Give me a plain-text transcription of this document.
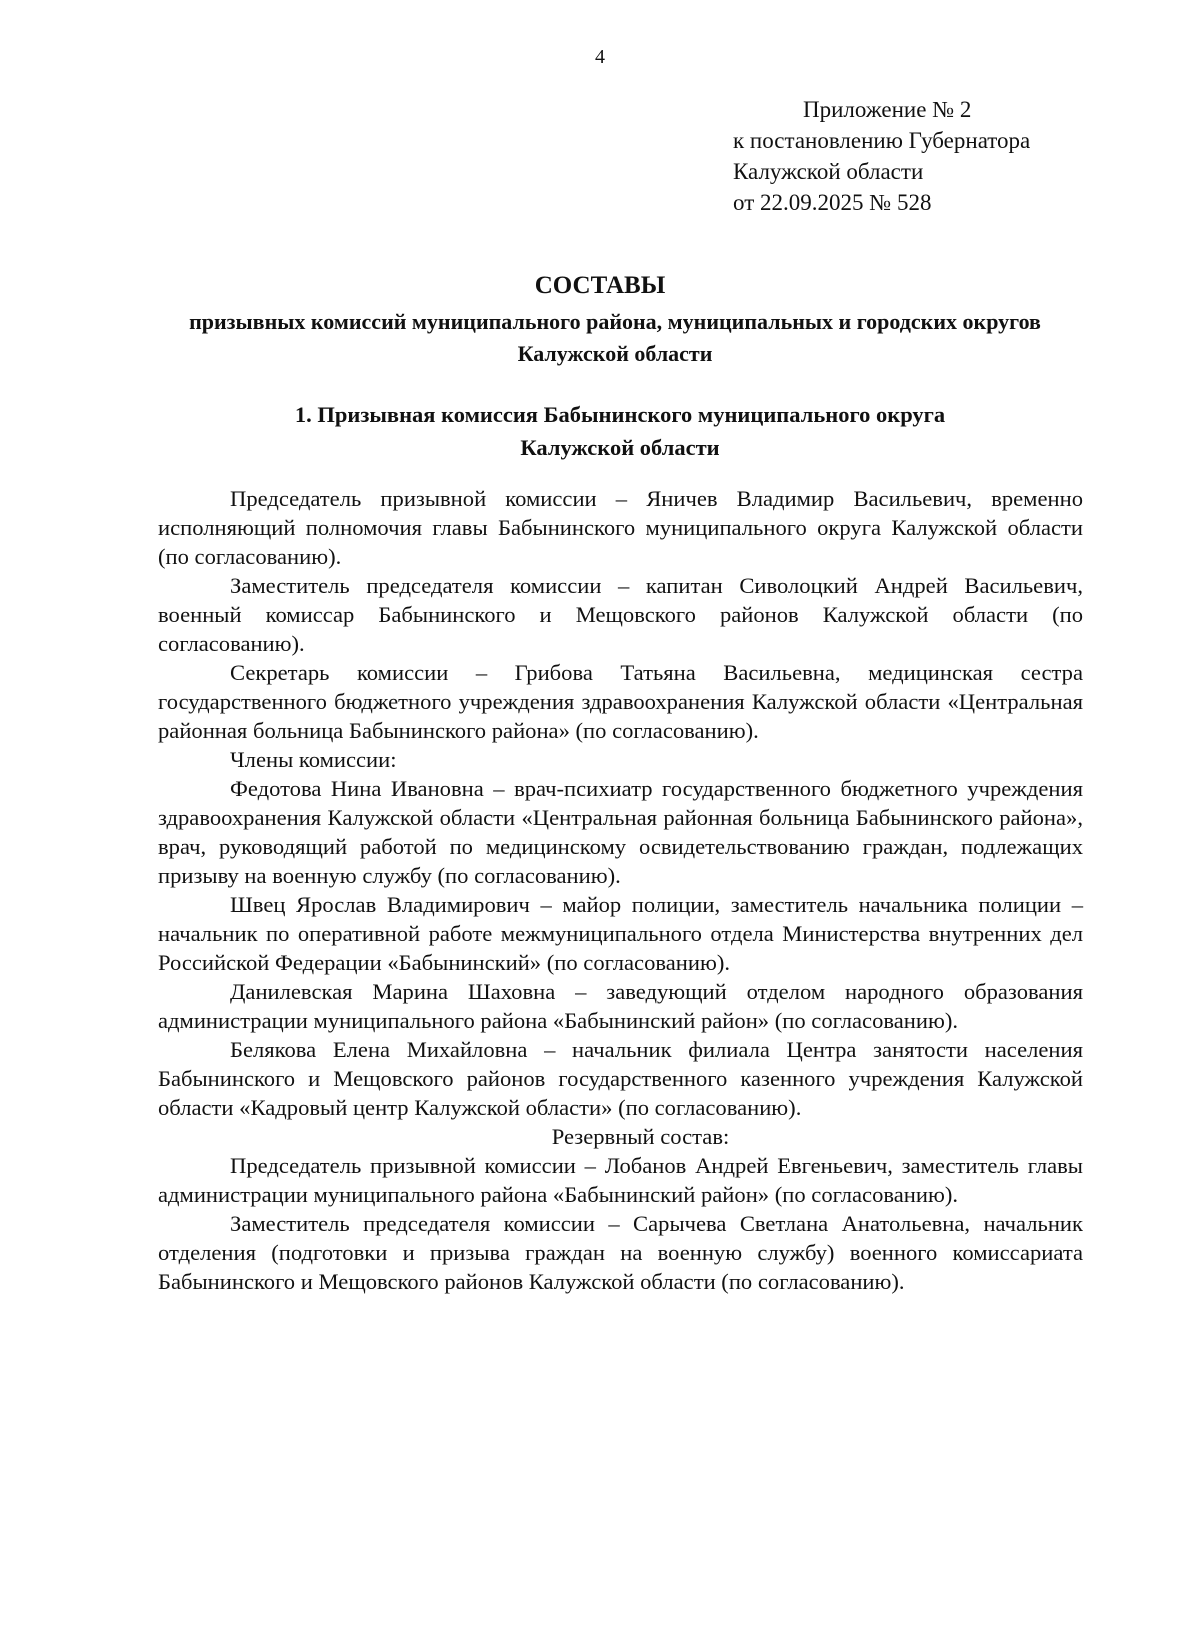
4
Приложение № 2
к постановлению Губернатора
Калужской области
от 22.09.2025 № 528
СОСТАВЫ
призывных комиссий муниципального района, муниципальных и городских округов Калужской области
1. Призывная комиссия Бабынинского муниципального округа
Калужской области

Председатель призывной комиссии – Яничев Владимир Васильевич, временно исполняющий полномочия главы Бабынинского муниципального округа Калужской области (по согласованию).

Заместитель председателя комиссии – капитан Сиволоцкий Андрей Васильевич, военный комиссар Бабынинского и Мещовского районов Калужской области (по согласованию).

Секретарь комиссии – Грибова Татьяна Васильевна, медицинская сестра государственного бюджетного учреждения здравоохранения Калужской области «Центральная районная больница Бабынинского района» (по согласованию).

Члены комиссии:

Федотова Нина Ивановна – врач-психиатр государственного бюджетного учреждения здравоохранения Калужской области «Центральная районная больница Бабынинского района», врач, руководящий работой по медицинскому освидетельствованию граждан, подлежащих призыву на военную службу (по согласованию).

Швец Ярослав Владимирович – майор полиции, заместитель начальника полиции – начальник по оперативной работе межмуниципального отдела Министерства внутренних дел Российской Федерации «Бабынинский» (по согласованию).

Данилевская Марина Шаховна – заведующий отделом народного образования администрации муниципального района «Бабынинский район» (по согласованию).

Белякова Елена Михайловна – начальник филиала Центра занятости населения Бабынинского и Мещовского районов государственного казенного учреждения Калужской области «Кадровый центр Калужской области» (по согласованию).

Резервный состав:

Председатель призывной комиссии – Лобанов Андрей Евгеньевич, заместитель главы администрации муниципального района «Бабынинский район» (по согласованию).

Заместитель председателя комиссии – Сарычева Светлана Анатольевна, начальник отделения (подготовки и призыва граждан на военную службу) военного комиссариата Бабынинского и Мещовского районов Калужской области (по согласованию).
